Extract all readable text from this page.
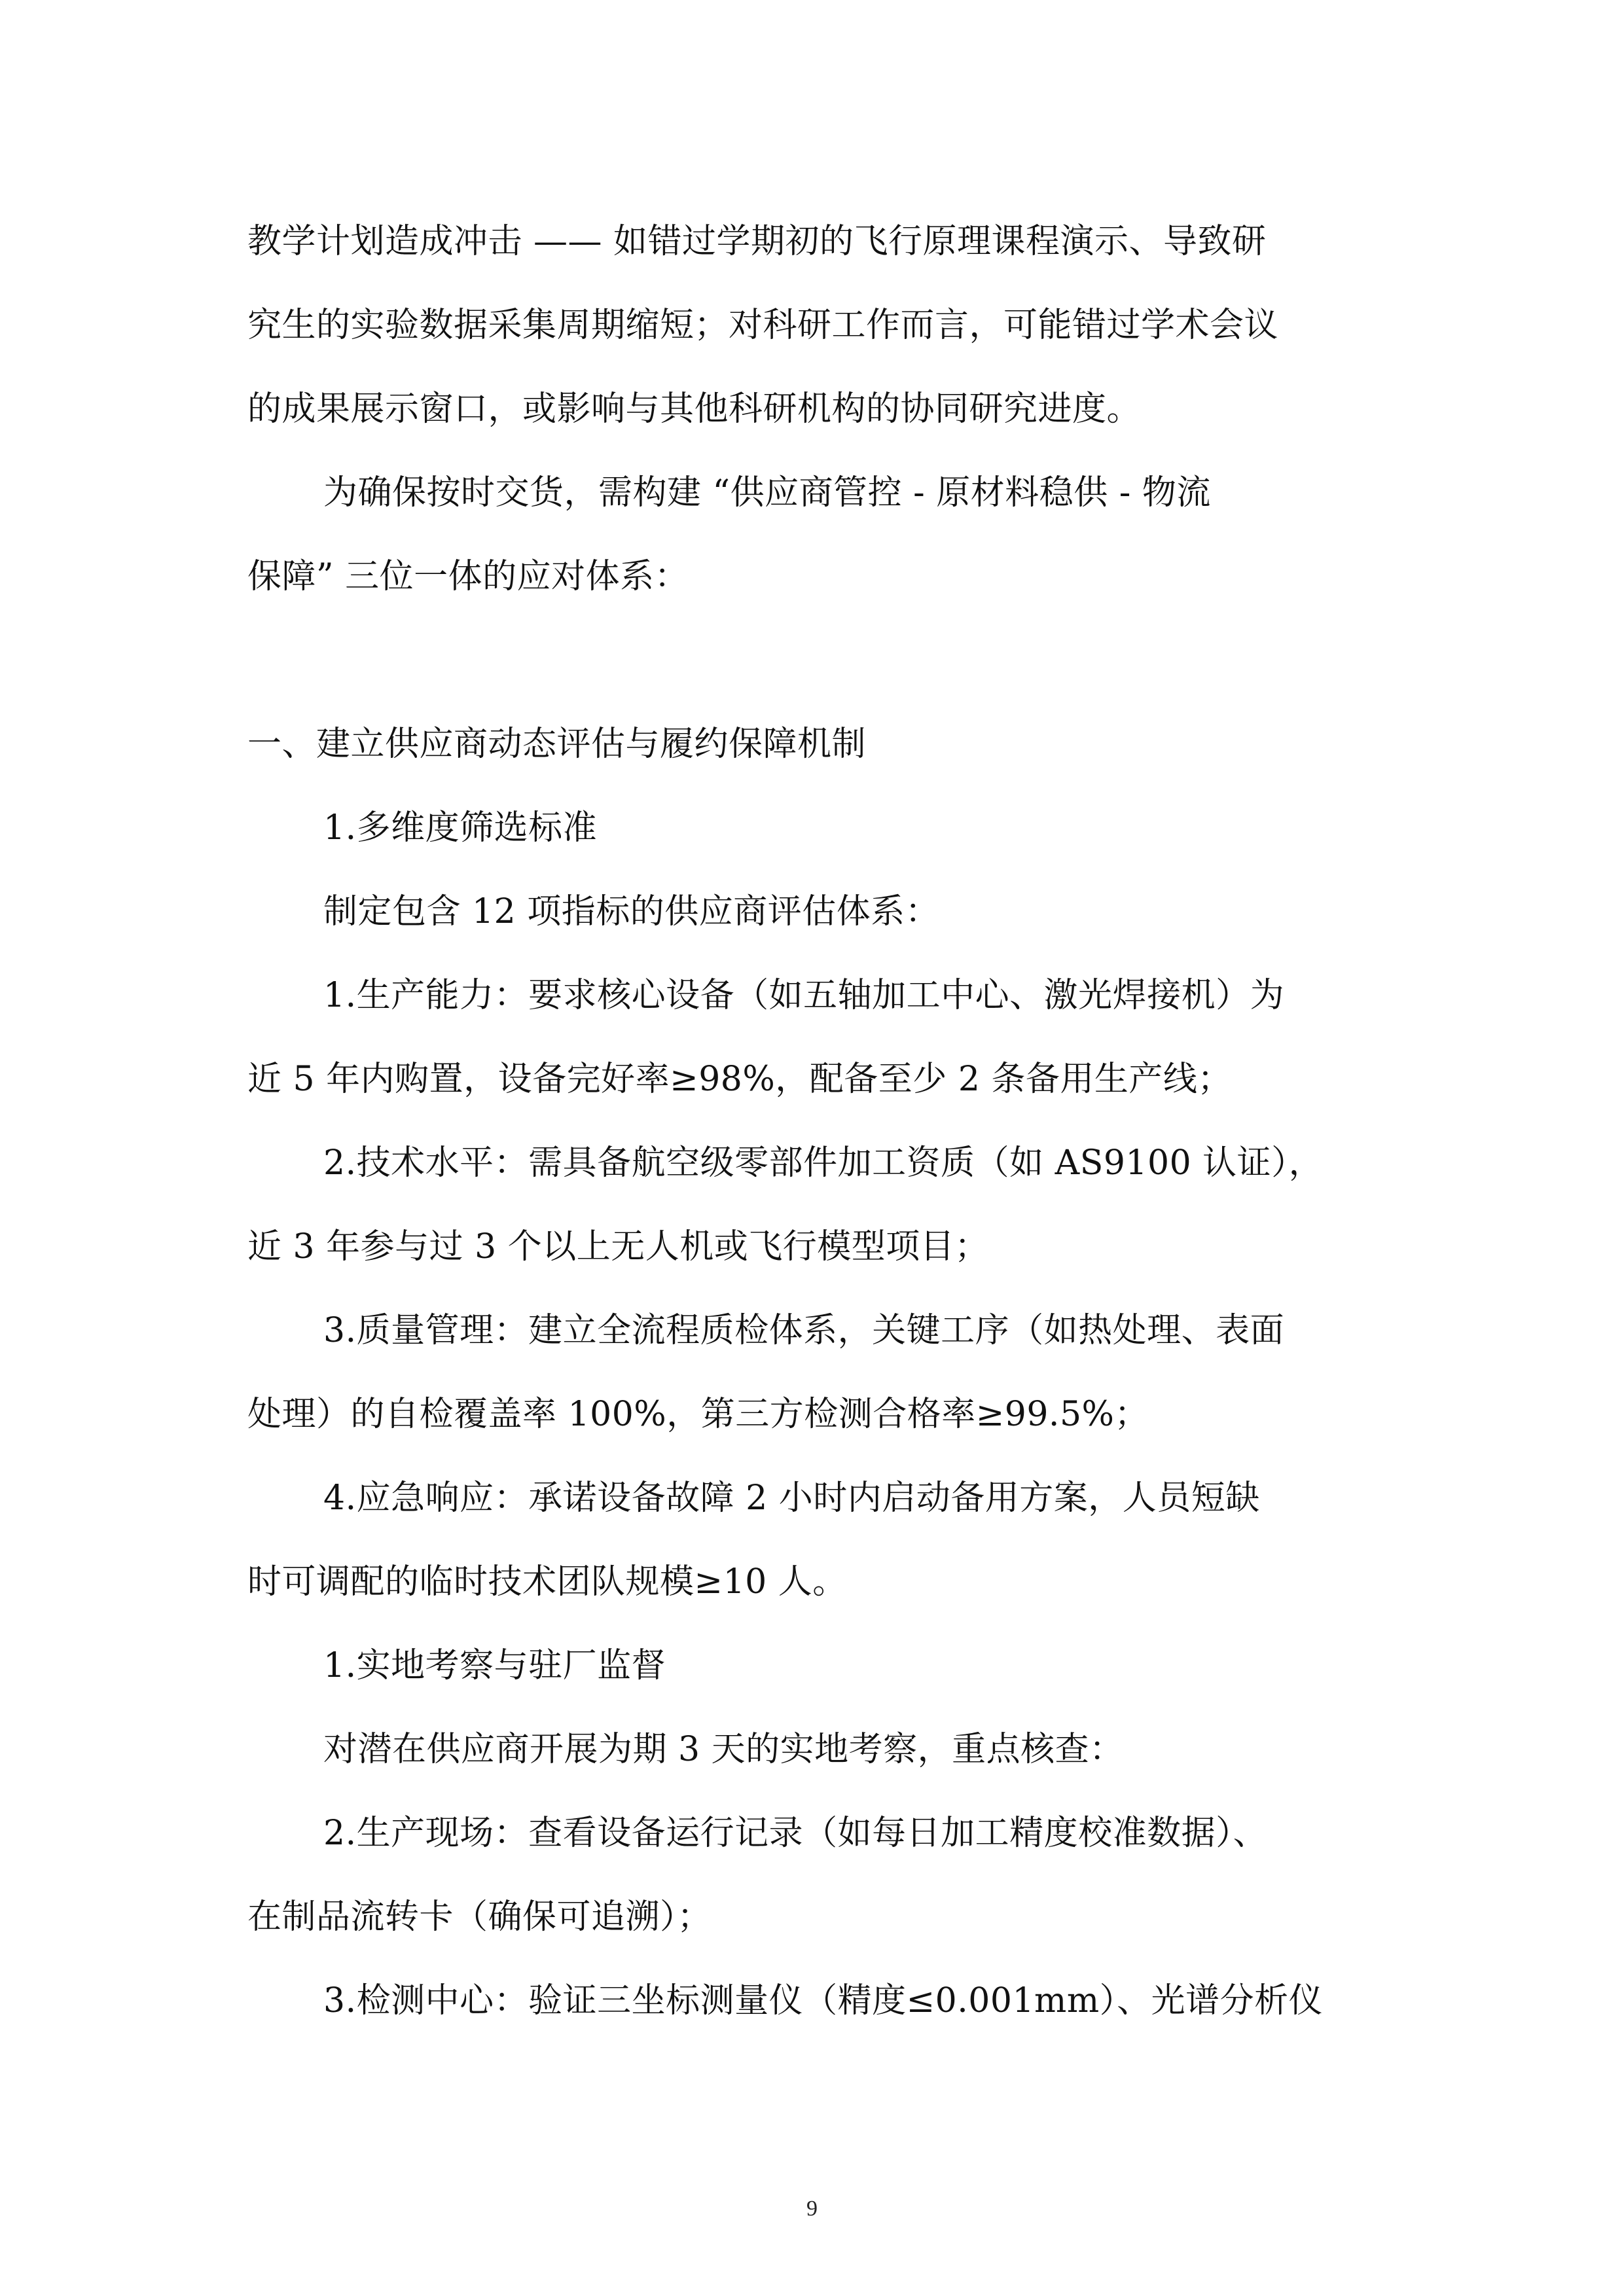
教学计划造成冲击 —— 如错过学期初的飞行原理课程演示、导致研
究生的实验数据采集周期缩短；对科研工作而言，可能错过学术会议
的成果展示窗口，或影响与其他科研机构的协同研究进度。
为确保按时交货，需构建 “供应商管控 - 原材料稳供 - 物流
保障” 三位一体的应对体系：
一、建立供应商动态评估与履约保障机制
1.多维度筛选标准
制定包含 12 项指标的供应商评估体系：
1.生产能力：要求核心设备（如五轴加工中心、激光焊接机）为
近 5 年内购置，设备完好率≥98%，配备至少 2 条备用生产线；
2.技术水平：需具备航空级零部件加工资质（如 AS9100 认证），
近 3 年参与过 3 个以上无人机或飞行模型项目；
3.质量管理：建立全流程质检体系，关键工序（如热处理、表面
处理）的自检覆盖率 100%，第三方检测合格率≥99.5%；
4.应急响应：承诺设备故障 2 小时内启动备用方案，人员短缺
时可调配的临时技术团队规模≥10 人。
1.实地考察与驻厂监督
对潜在供应商开展为期 3 天的实地考察，重点核查：
2.生产现场：查看设备运行记录（如每日加工精度校准数据）、
在制品流转卡（确保可追溯）；
3.检测中心：验证三坐标测量仪（精度≤0.001mm）、光谱分析仪
9
